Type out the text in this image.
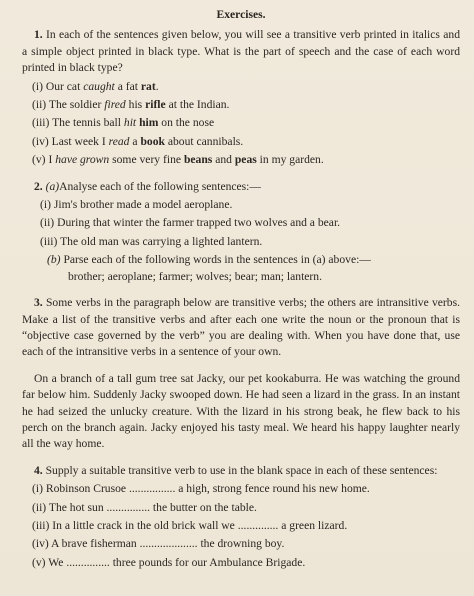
Exercises.

1. In each of the sentences given below, you will see a transitive verb printed in italics and a simple object printed in black type. What is the part of speech and the case of each word printed in black type?

(i) Our cat caught a fat rat.
(ii) The soldier fired his rifle at the Indian.
(iii) The tennis ball hit him on the nose
(iv) Last week I read a book about cannibals.
(v) I have grown some very fine beans and peas in my garden.
2. (a)Analyse each of the following sentences:—
(i) Jim's brother made a model aeroplane.
(ii) During that winter the farmer trapped two wolves and a bear.
(iii) The old man was carrying a lighted lantern.
(b) Parse each of the following words in the sentences in (a) above:—
brother; aeroplane; farmer; wolves; bear; man; lantern.

3. Some verbs in the paragraph below are transitive verbs; the others are intransitive verbs. Make a list of the transitive verbs and after each one write the noun or the pronoun that is “objective case governed by the verb” you are dealing with. When you have done that, use each of the intransitive verbs in a sentence of your own.

On a branch of a tall gum tree sat Jacky, our pet kookaburra. He was watching the ground far below him. Suddenly Jacky swooped down. He had seen a lizard in the grass. In an instant he had seized the unlucky creature. With the lizard in his strong beak, he flew back to his perch on the branch again. Jacky enjoyed his tasty meal. We heard his happy laughter nearly all the way home.

4. Supply a suitable transitive verb to use in the blank space in each of these sentences:

(i) Robinson Crusoe ................ a high, strong fence round his new home.
(ii) The hot sun ............... the butter on the table.
(iii) In a little crack in the old brick wall we .............. a green lizard.
(iv) A brave fisherman .................... the drowning boy.
(v) We ............... three pounds for our Ambulance Brigade.
